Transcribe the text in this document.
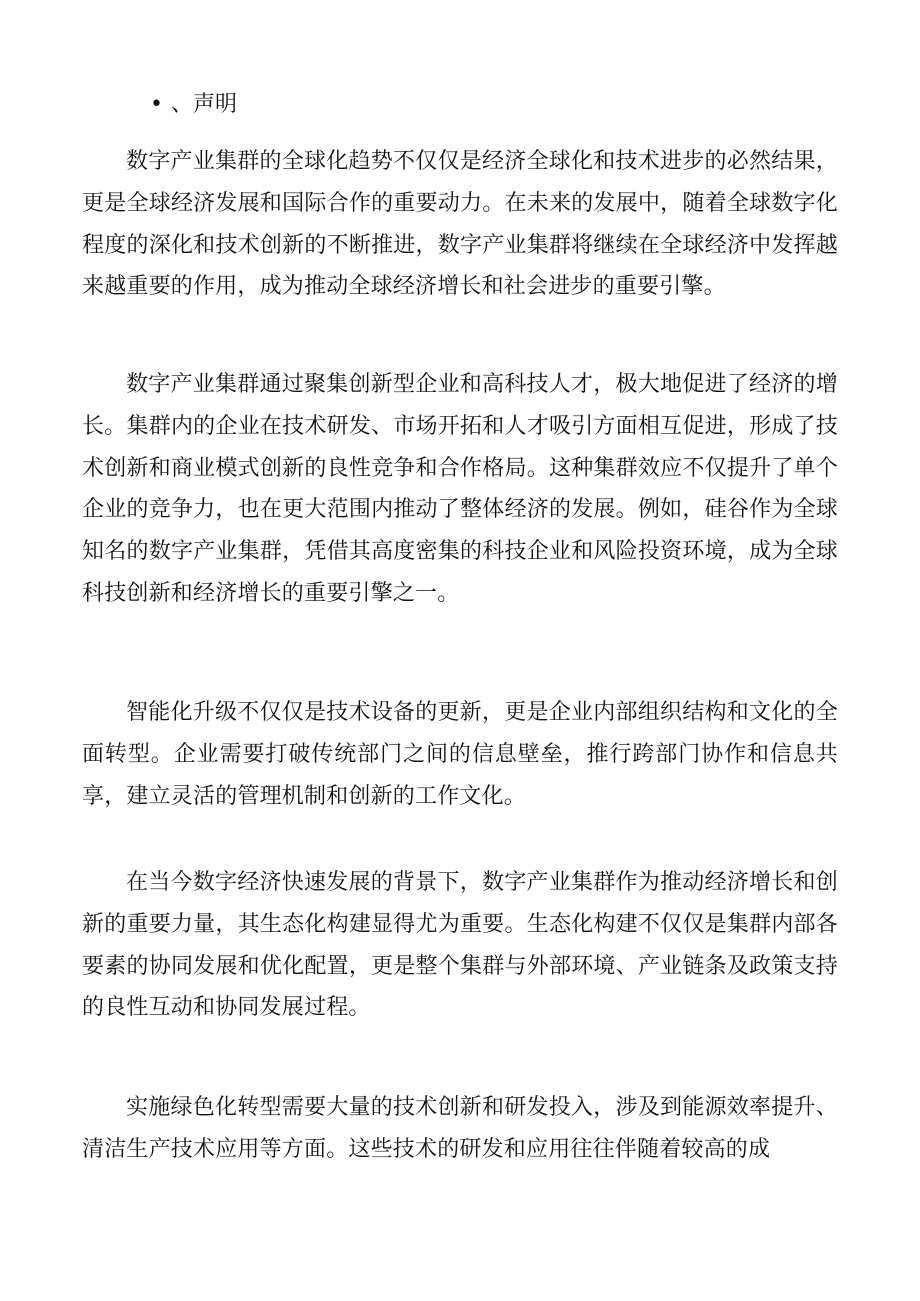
• 、声明

数字产业集群的全球化趋势不仅仅是经济全球化和技术进步的必然结果，更是全球经济发展和国际合作的重要动力。在未来的发展中，随着全球数字化程度的深化和技术创新的不断推进，数字产业集群将继续在全球经济中发挥越来越重要的作用，成为推动全球经济增长和社会进步的重要引擎。

数字产业集群通过聚集创新型企业和高科技人才，极大地促进了经济的增长。集群内的企业在技术研发、市场开拓和人才吸引方面相互促进，形成了技术创新和商业模式创新的良性竞争和合作格局。这种集群效应不仅提升了单个企业的竞争力，也在更大范围内推动了整体经济的发展。例如，硅谷作为全球知名的数字产业集群，凭借其高度密集的科技企业和风险投资环境，成为全球科技创新和经济增长的重要引擎之一。

智能化升级不仅仅是技术设备的更新，更是企业内部组织结构和文化的全面转型。企业需要打破传统部门之间的信息壁垒，推行跨部门协作和信息共享，建立灵活的管理机制和创新的工作文化。

在当今数字经济快速发展的背景下，数字产业集群作为推动经济增长和创新的重要力量，其生态化构建显得尤为重要。生态化构建不仅仅是集群内部各要素的协同发展和优化配置，更是整个集群与外部环境、产业链条及政策支持的良性互动和协同发展过程。

实施绿色化转型需要大量的技术创新和研发投入，涉及到能源效率提升、清洁生产技术应用等方面。这些技术的研发和应用往往伴随着较高的成
